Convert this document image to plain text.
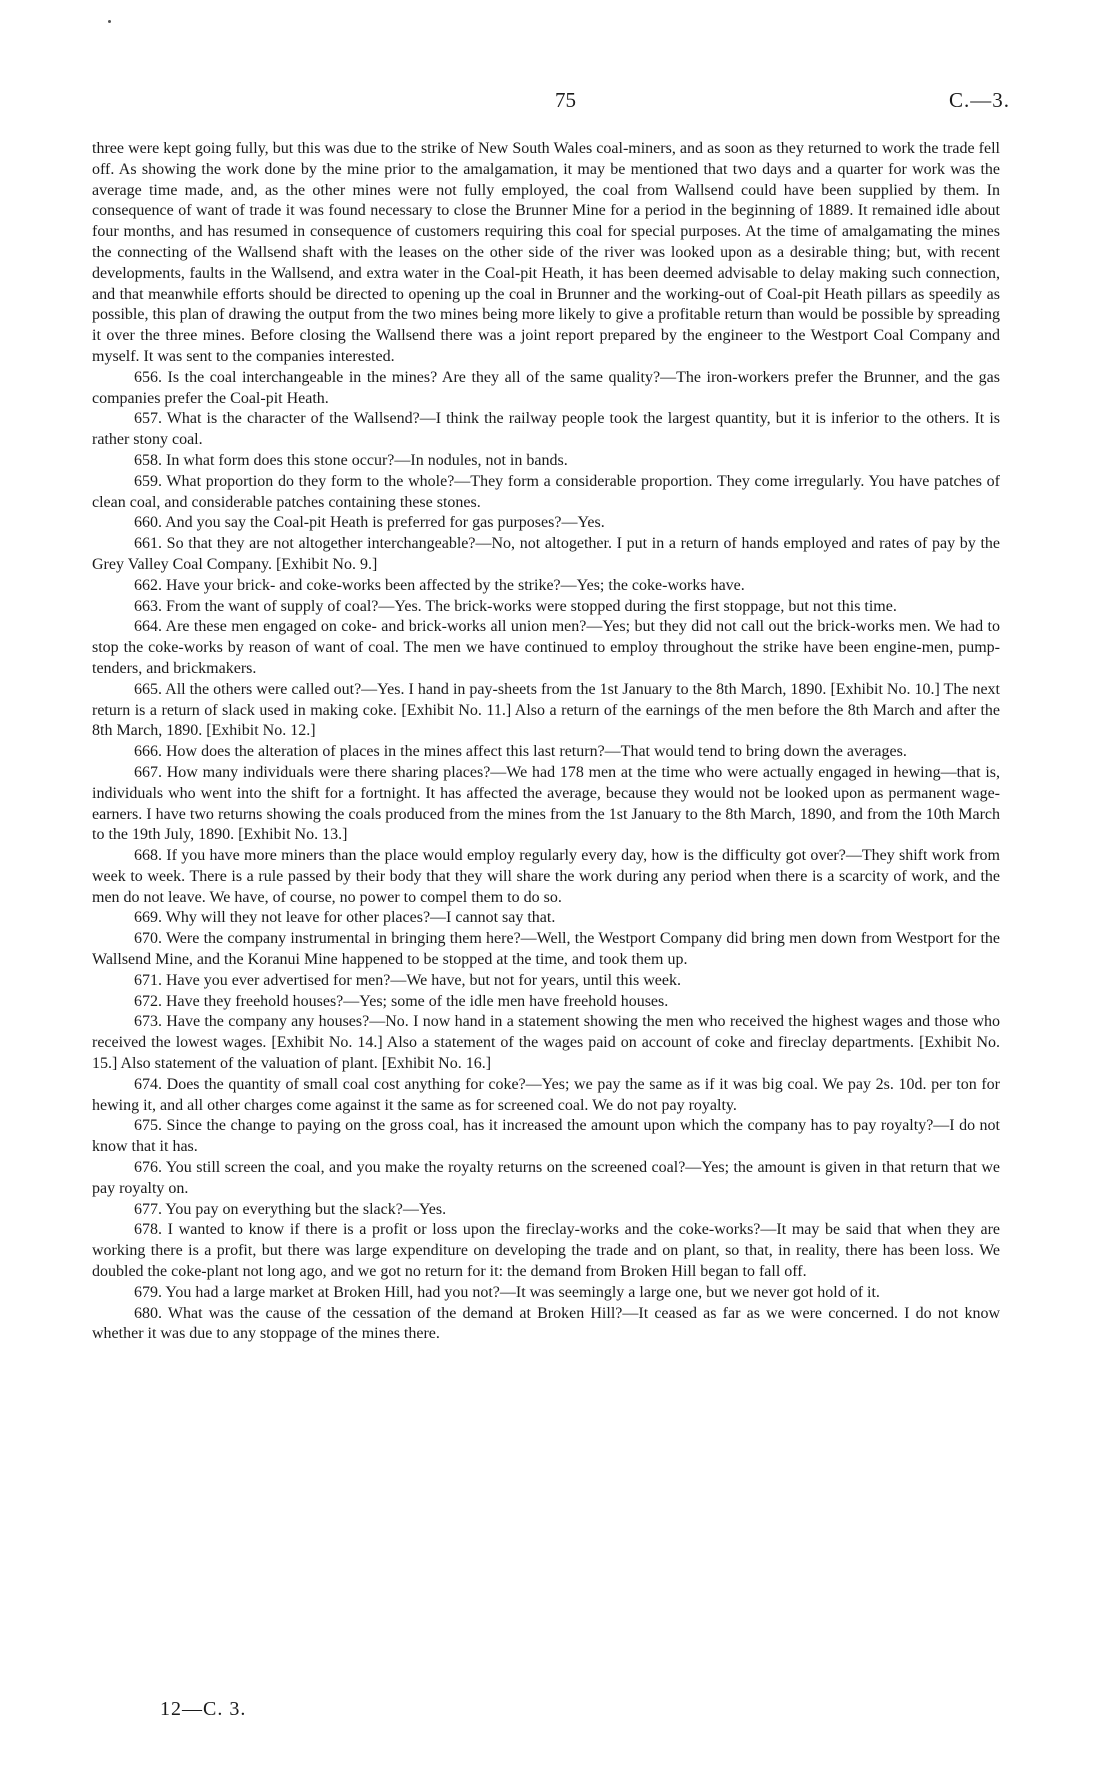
75	C.—3.

three were kept going fully, but this was due to the strike of New South Wales coal-miners, and as soon as they returned to work the trade fell off. As showing the work done by the mine prior to the amalgamation, it may be mentioned that two days and a quarter for work was the average time made, and, as the other mines were not fully employed, the coal from Wallsend could have been supplied by them. In consequence of want of trade it was found necessary to close the Brunner Mine for a period in the beginning of 1889. It remained idle about four months, and has resumed in consequence of customers requiring this coal for special purposes. At the time of amalgamating the mines the connecting of the Wallsend shaft with the leases on the other side of the river was looked upon as a desirable thing; but, with recent developments, faults in the Wallsend, and extra water in the Coal-pit Heath, it has been deemed advisable to delay making such connection, and that meanwhile efforts should be directed to opening up the coal in Brunner and the working-out of Coal-pit Heath pillars as speedily as possible, this plan of drawing the output from the two mines being more likely to give a profitable return than would be possible by spreading it over the three mines. Before closing the Wallsend there was a joint report prepared by the engineer to the Westport Coal Company and myself. It was sent to the companies interested.

656. Is the coal interchangeable in the mines? Are they all of the same quality?—The iron-workers prefer the Brunner, and the gas companies prefer the Coal-pit Heath.

657. What is the character of the Wallsend?—I think the railway people took the largest quantity, but it is inferior to the others. It is rather stony coal.

658. In what form does this stone occur?—In nodules, not in bands.

659. What proportion do they form to the whole?—They form a considerable proportion. They come irregularly. You have patches of clean coal, and considerable patches containing these stones.

660. And you say the Coal-pit Heath is preferred for gas purposes?—Yes.

661. So that they are not altogether interchangeable?—No, not altogether. I put in a return of hands employed and rates of pay by the Grey Valley Coal Company. [Exhibit No. 9.]

662. Have your brick- and coke-works been affected by the strike?—Yes; the coke-works have.

663. From the want of supply of coal?—Yes. The brick-works were stopped during the first stoppage, but not this time.

664. Are these men engaged on coke- and brick-works all union men?—Yes; but they did not call out the brick-works men. We had to stop the coke-works by reason of want of coal. The men we have continued to employ throughout the strike have been engine-men, pump-tenders, and brickmakers.

665. All the others were called out?—Yes. I hand in pay-sheets from the 1st January to the 8th March, 1890. [Exhibit No. 10.] The next return is a return of slack used in making coke. [Exhibit No. 11.] Also a return of the earnings of the men before the 8th March and after the 8th March, 1890. [Exhibit No. 12.]

666. How does the alteration of places in the mines affect this last return?—That would tend to bring down the averages.

667. How many individuals were there sharing places?—We had 178 men at the time who were actually engaged in hewing—that is, individuals who went into the shift for a fortnight. It has affected the average, because they would not be looked upon as permanent wage-earners. I have two returns showing the coals produced from the mines from the 1st January to the 8th March, 1890, and from the 10th March to the 19th July, 1890. [Exhibit No. 13.]

668. If you have more miners than the place would employ regularly every day, how is the difficulty got over?—They shift work from week to week. There is a rule passed by their body that they will share the work during any period when there is a scarcity of work, and the men do not leave. We have, of course, no power to compel them to do so.

669. Why will they not leave for other places?—I cannot say that.

670. Were the company instrumental in bringing them here?—Well, the Westport Company did bring men down from Westport for the Wallsend Mine, and the Koranui Mine happened to be stopped at the time, and took them up.

671. Have you ever advertised for men?—We have, but not for years, until this week.

672. Have they freehold houses?—Yes; some of the idle men have freehold houses.

673. Have the company any houses?—No. I now hand in a statement showing the men who received the highest wages and those who received the lowest wages. [Exhibit No. 14.] Also a statement of the wages paid on account of coke and fireclay departments. [Exhibit No. 15.] Also statement of the valuation of plant. [Exhibit No. 16.]

674. Does the quantity of small coal cost anything for coke?—Yes; we pay the same as if it was big coal. We pay 2s. 10d. per ton for hewing it, and all other charges come against it the same as for screened coal. We do not pay royalty.

675. Since the change to paying on the gross coal, has it increased the amount upon which the company has to pay royalty?—I do not know that it has.

676. You still screen the coal, and you make the royalty returns on the screened coal?—Yes; the amount is given in that return that we pay royalty on.

677. You pay on everything but the slack?—Yes.

678. I wanted to know if there is a profit or loss upon the fireclay-works and the coke-works?—It may be said that when they are working there is a profit, but there was large expenditure on developing the trade and on plant, so that, in reality, there has been loss. We doubled the coke-plant not long ago, and we got no return for it: the demand from Broken Hill began to fall off.

679. You had a large market at Broken Hill, had you not?—It was seemingly a large one, but we never got hold of it.

680. What was the cause of the cessation of the demand at Broken Hill?—It ceased as far as we were concerned. I do not know whether it was due to any stoppage of the mines there.

12—C. 3.
